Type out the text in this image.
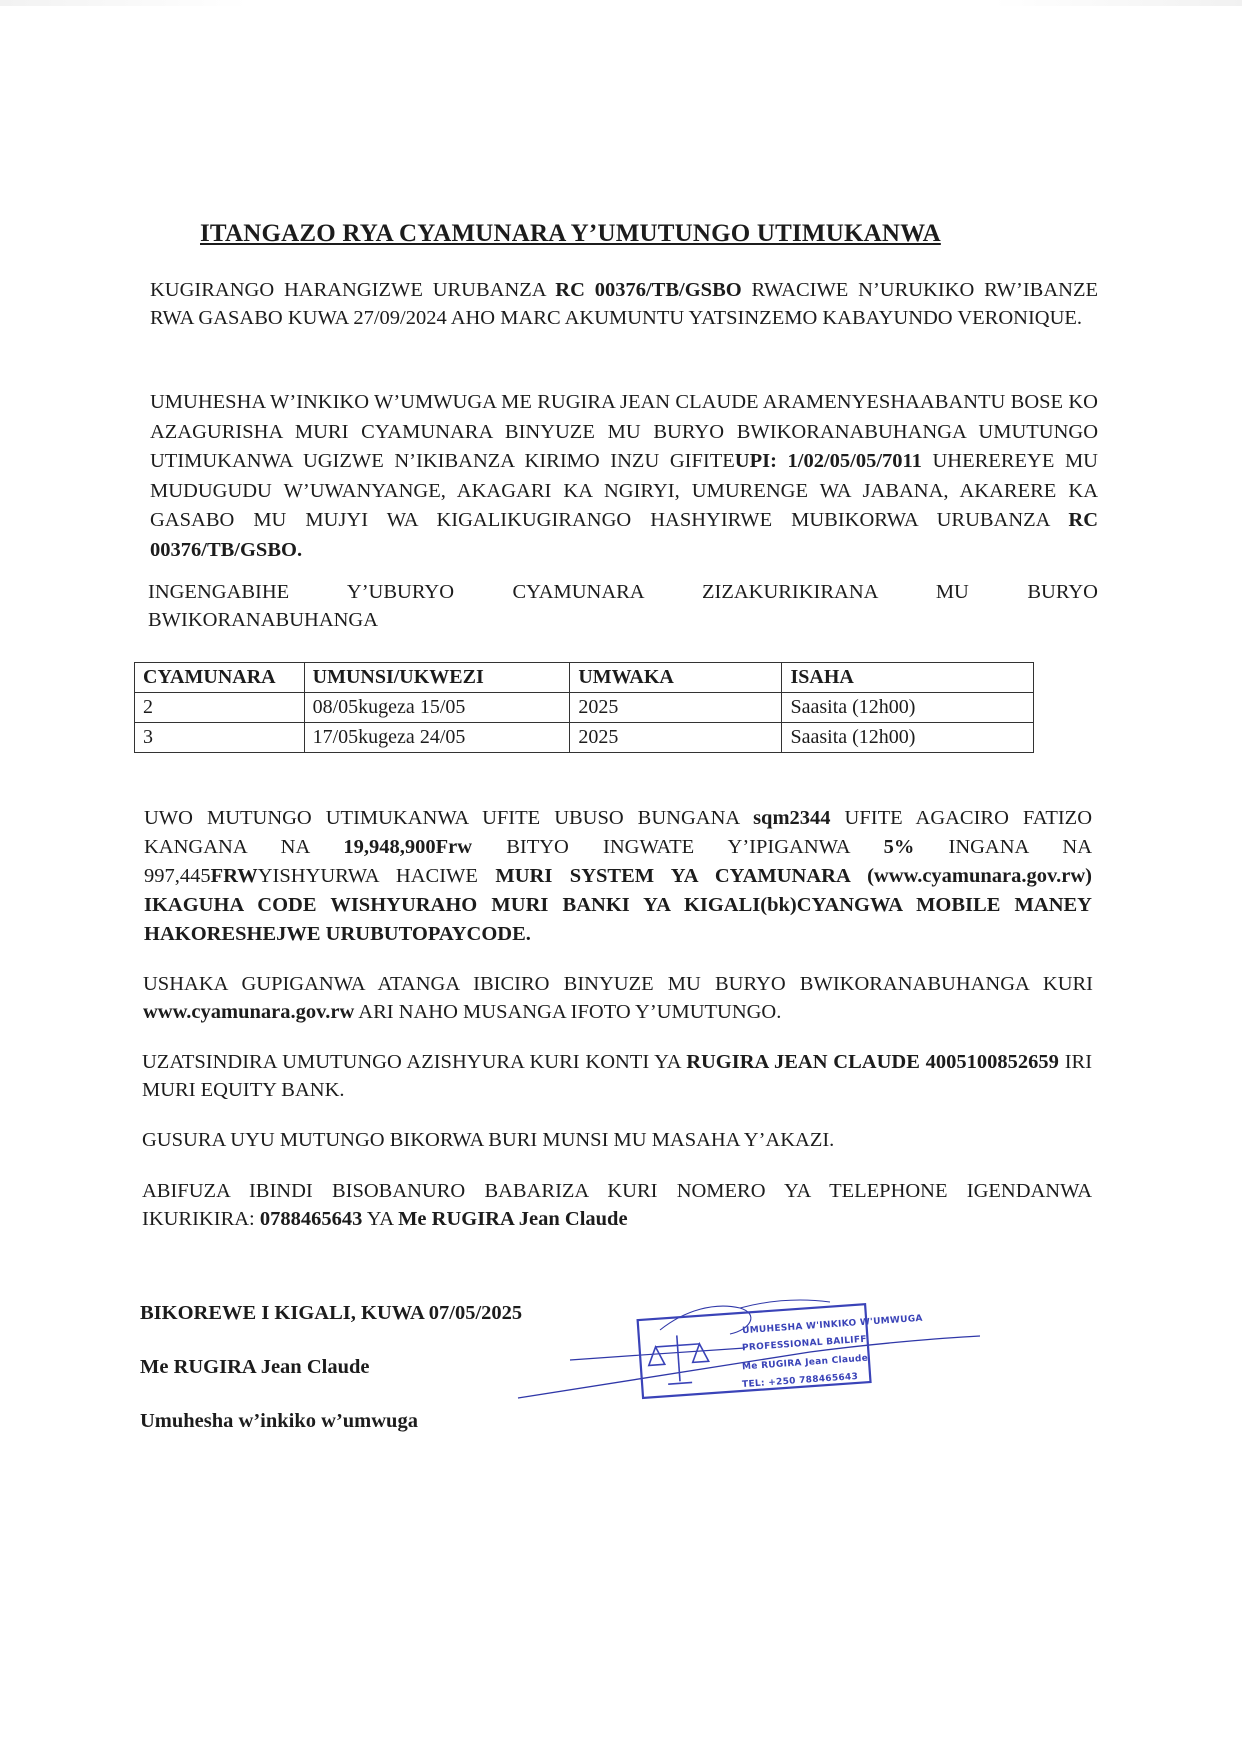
ITANGAZO RYA CYAMUNARA Y’UMUTUNGO UTIMUKANWA
KUGIRANGO HARANGIZWE URUBANZA RC 00376/TB/GSBO RWACIWE N’URUKIKO RW’IBANZE RWA GASABO KUWA 27/09/2024 AHO MARC AKUMUNTU YATSINZEMO KABAYUNDO VERONIQUE.
UMUHESHA W’INKIKO W’UMWUGA ME RUGIRA JEAN CLAUDE ARAMENYESHAABANTU BOSE KO AZAGURISHA MURI CYAMUNARA BINYUZE MU BURYO BWIKORANABUHANGA UMUTUNGO UTIMUKANWA UGIZWE N’IKIBANZA KIRIMO INZU GIFITEUPI: 1/02/05/05/7011 UHEREREYE MU MUDUGUDU W’UWANYANGE, AKAGARI KA NGIRYI, UMURENGE WA JABANA, AKARERE KA GASABO MU MUJYI WA KIGALIKUGIRANGO HASHYIRWE MUBIKORWA URUBANZA RC 00376/TB/GSBO.
INGENGABIHE Y’UBURYO CYAMUNARA ZIZAKURIKIRANA MU BURYO
BWIKORANABUHANGA
CYAMUNARA	UMUNSI/UKWEZI	UMWAKA	ISAHA
2	08/05kugeza 15/05	2025	Saasita (12h00)
3	17/05kugeza 24/05	2025	Saasita (12h00)
UWO MUTUNGO UTIMUKANWA UFITE UBUSO BUNGANA sqm2344 UFITE AGACIRO FATIZO KANGANA NA 19,948,900Frw BITYO INGWATE Y’IPIGANWA 5% INGANA NA 997,445FRWYISHYURWA HACIWE MURI SYSTEM YA CYAMUNARA (www.cyamunara.gov.rw) IKAGUHA CODE WISHYURAHO MURI BANKI YA KIGALI(bk)CYANGWA MOBILE MANEY HAKORESHEJWE URUBUTOPAYCODE.
USHAKA GUPIGANWA ATANGA IBICIRO BINYUZE MU BURYO BWIKORANABUHANGA KURI www.cyamunara.gov.rw ARI NAHO MUSANGA IFOTO Y’UMUTUNGO.
UZATSINDIRA UMUTUNGO AZISHYURA KURI KONTI YA RUGIRA JEAN CLAUDE 4005100852659 IRI MURI EQUITY BANK.
GUSURA UYU MUTUNGO BIKORWA BURI MUNSI MU MASAHA Y’AKAZI.
ABIFUZA IBINDI BISOBANURO BABARIZA KURI NOMERO YA TELEPHONE IGENDANWA IKURIKIRA: 0788465643 YA Me RUGIRA Jean Claude
BIKOREWE I KIGALI, KUWA 07/05/2025
Me RUGIRA Jean Claude
Umuhesha w’inkiko w’umwuga
UMUHESHA W'INKIKO W'UMWUGA
PROFESSIONAL BAILIFF
Me RUGIRA Jean Claude
TEL: +250 788465643
